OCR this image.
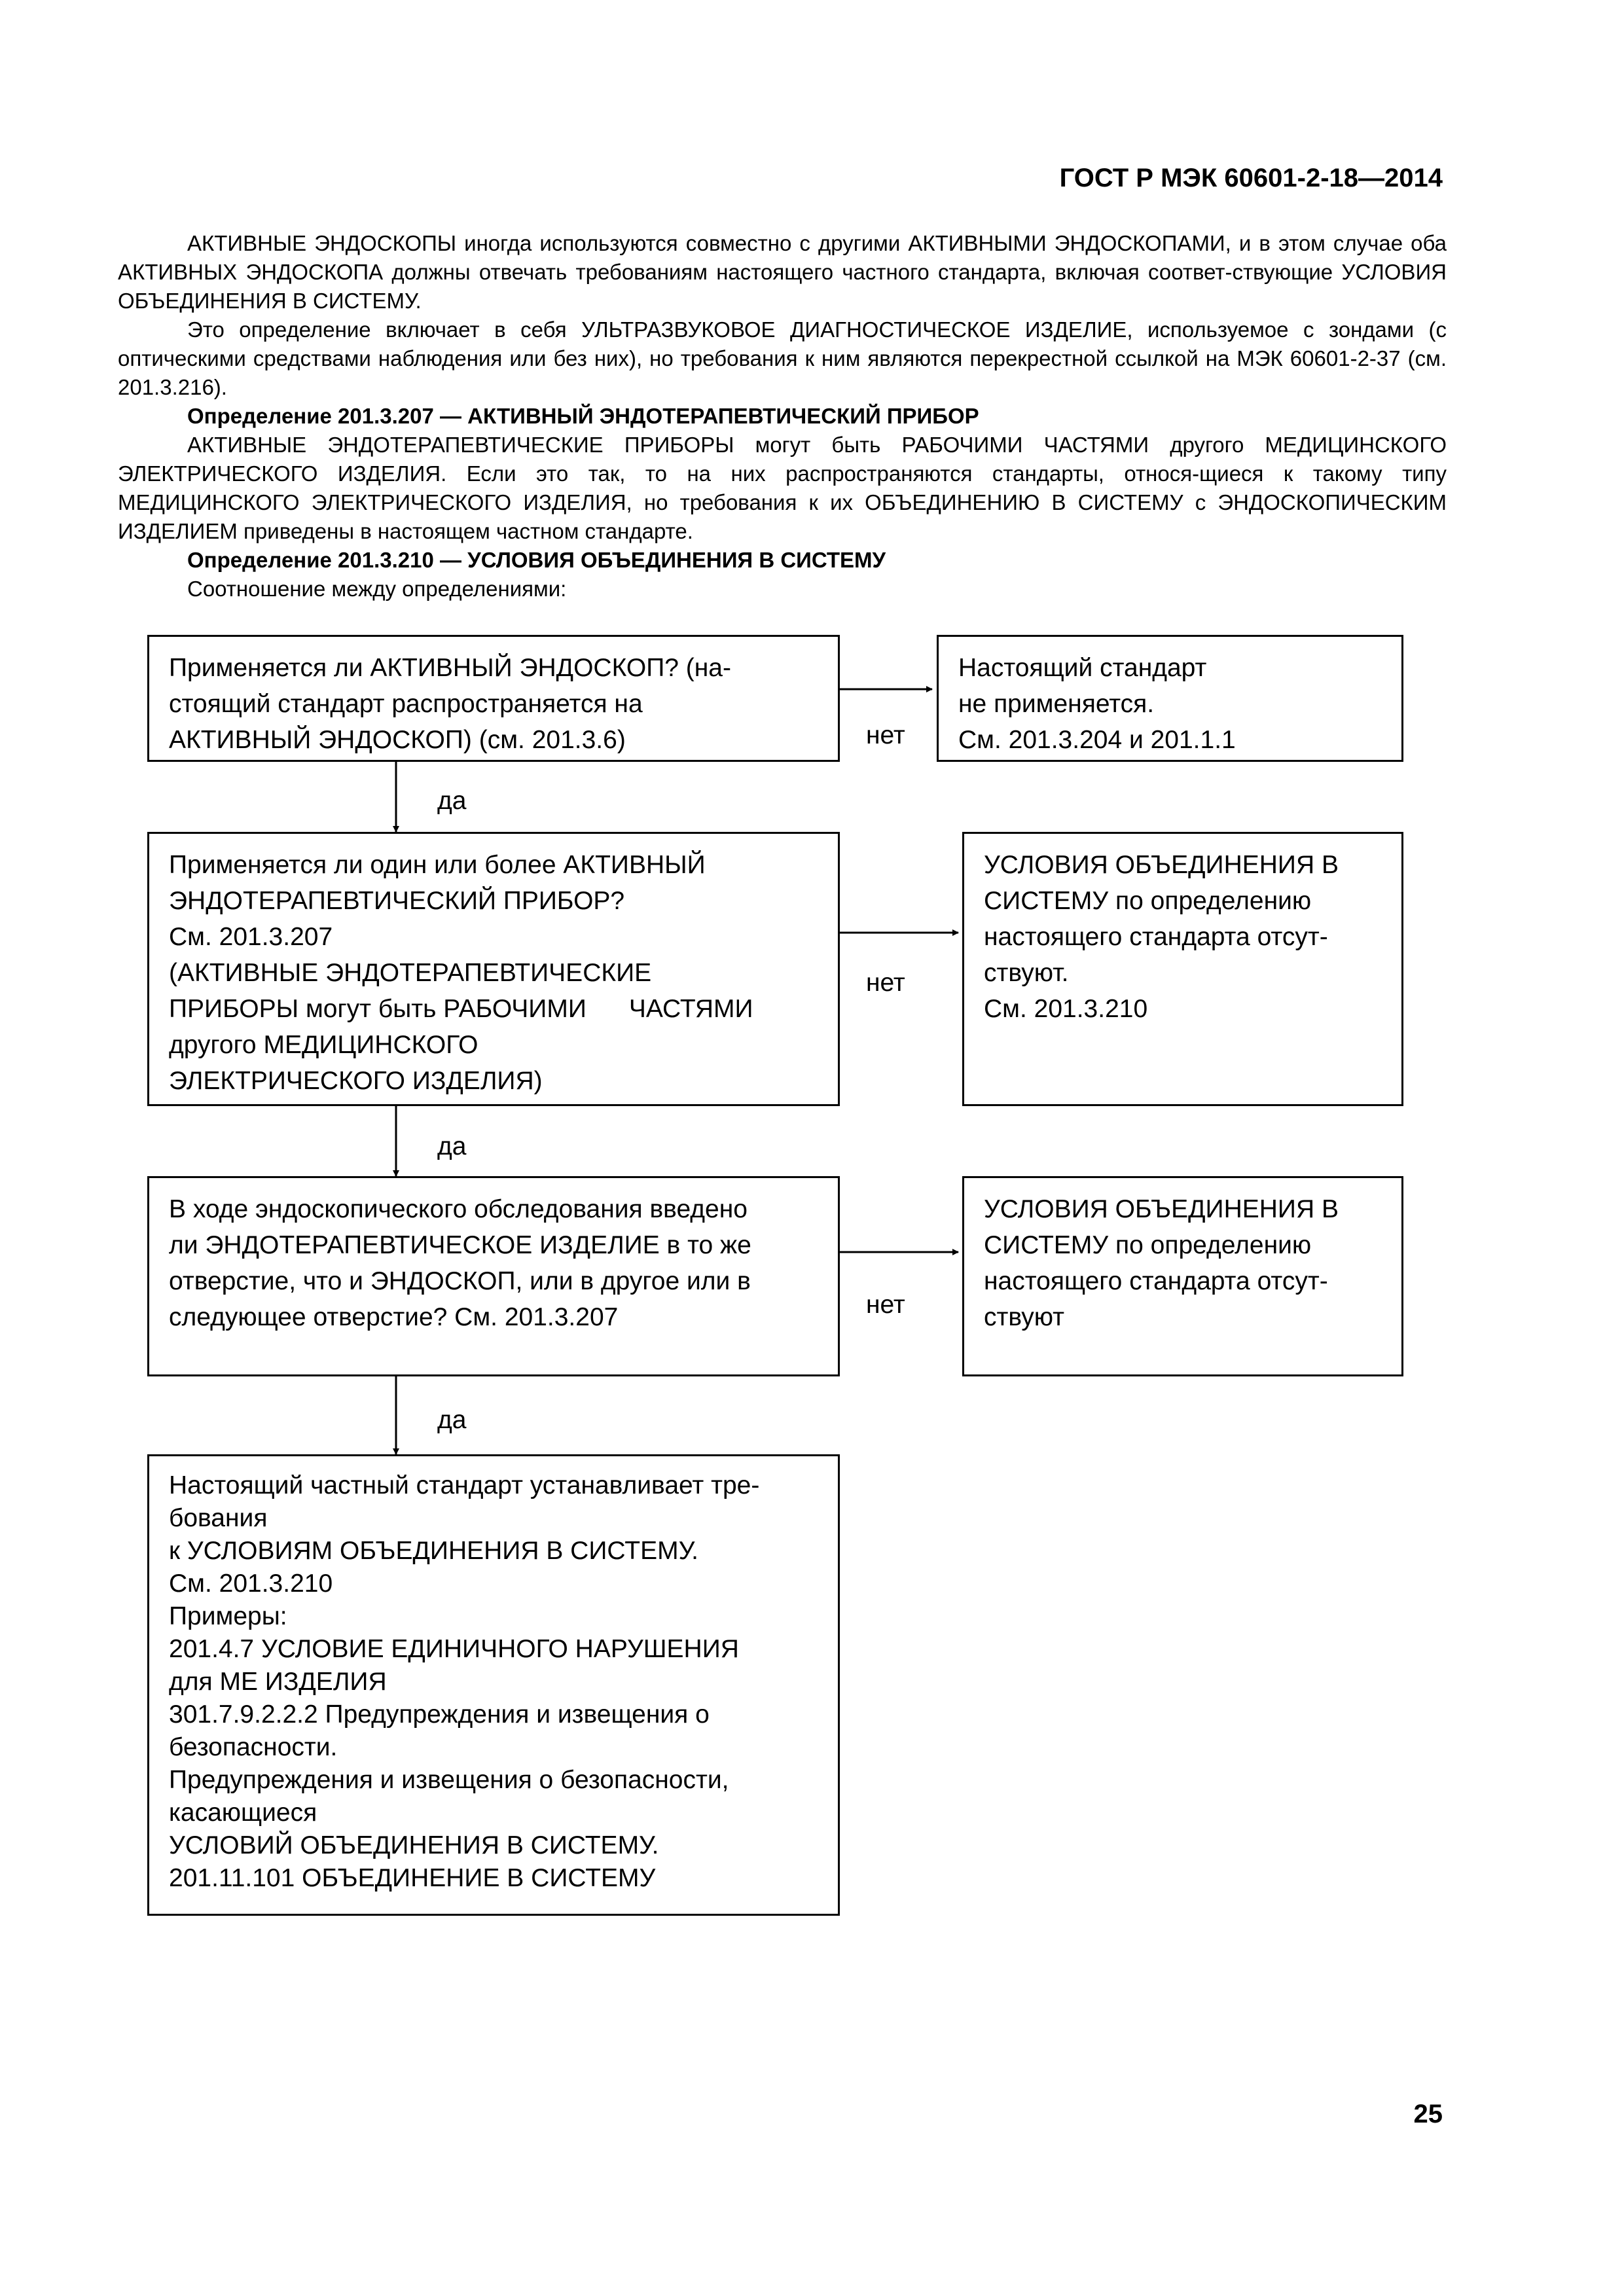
ГОСТ Р МЭК 60601-2-18—2014

АКТИВНЫЕ ЭНДОСКОПЫ иногда используются совместно с другими АКТИВНЫМИ ЭНДОСКОПАМИ, и в этом случае оба АКТИВНЫХ ЭНДОСКОПА должны отвечать требованиям настоящего частного стандарта, включая соответ-ствующие УСЛОВИЯ ОБЪЕДИНЕНИЯ В СИСТЕМУ.

Это определение включает в себя УЛЬТРАЗВУКОВОЕ ДИАГНОСТИЧЕСКОЕ ИЗДЕЛИЕ, используемое с зондами (с оптическими средствами наблюдения или без них), но требования к ним являются перекрестной ссылкой на МЭК 60601-2-37 (см. 201.3.216).

Определение 201.3.207 — АКТИВНЫЙ ЭНДОТЕРАПЕВТИЧЕСКИЙ ПРИБОР

АКТИВНЫЕ ЭНДОТЕРАПЕВТИЧЕСКИЕ ПРИБОРЫ могут быть РАБОЧИМИ ЧАСТЯМИ другого МЕДИЦИНСКОГО ЭЛЕКТРИЧЕСКОГО ИЗДЕЛИЯ. Если это так, то на них распространяются стандарты, относя-щиеся к такому типу МЕДИЦИНСКОГО ЭЛЕКТРИЧЕСКОГО ИЗДЕЛИЯ, но требования к их ОБЪЕДИНЕНИЮ В СИСТЕМУ с ЭНДОСКОПИЧЕСКИМ ИЗДЕЛИЕМ приведены в настоящем частном стандарте.

Определение 201.3.210 — УСЛОВИЯ ОБЪЕДИНЕНИЯ В СИСТЕМУ

Соотношение между определениями:

Применяется ли АКТИВНЫЙ ЭНДОСКОП? (на-
стоящий стандарт распространяется на
АКТИВНЫЙ ЭНДОСКОП) (см. 201.3.6)
Настоящий стандарт
не применяется.
См. 201.3.204 и 201.1.1
Применяется ли один или более АКТИВНЫЙ
ЭНДОТЕРАПЕВТИЧЕСКИЙ ПРИБОР?
См. 201.3.207
(АКТИВНЫЕ ЭНДОТЕРАПЕВТИЧЕСКИЕ
ПРИБОРЫ могут быть РАБОЧИМИ      ЧАСТЯМИ
другого МЕДИЦИНСКОГО
ЭЛЕКТРИЧЕСКОГО ИЗДЕЛИЯ)
УСЛОВИЯ ОБЪЕДИНЕНИЯ В
СИСТЕМУ по определению
настоящего стандарта отсут-
ствуют.
См. 201.3.210
В ходе эндоскопического обследования введено
ли ЭНДОТЕРАПЕВТИЧЕСКОЕ ИЗДЕЛИЕ в то же
отверстие, что и ЭНДОСКОП, или в другое или в
следующее отверстие? См. 201.3.207
УСЛОВИЯ ОБЪЕДИНЕНИЯ В
СИСТЕМУ по определению
настоящего стандарта отсут-
ствуют
Настоящий частный стандарт устанавливает тре-
бования
к УСЛОВИЯМ ОБЪЕДИНЕНИЯ В СИСТЕМУ.
См. 201.3.210
Примеры:
201.4.7 УСЛОВИЕ ЕДИНИЧНОГО НАРУШЕНИЯ
для МЕ ИЗДЕЛИЯ
301.7.9.2.2.2 Предупреждения и извещения о
безопасности.
Предупреждения и извещения о безопасности,
касающиеся
УСЛОВИЙ ОБЪЕДИНЕНИЯ В СИСТЕМУ.
201.11.101 ОБЪЕДИНЕНИЕ В СИСТЕМУ
нет
нет
нет
да
да
да
25
